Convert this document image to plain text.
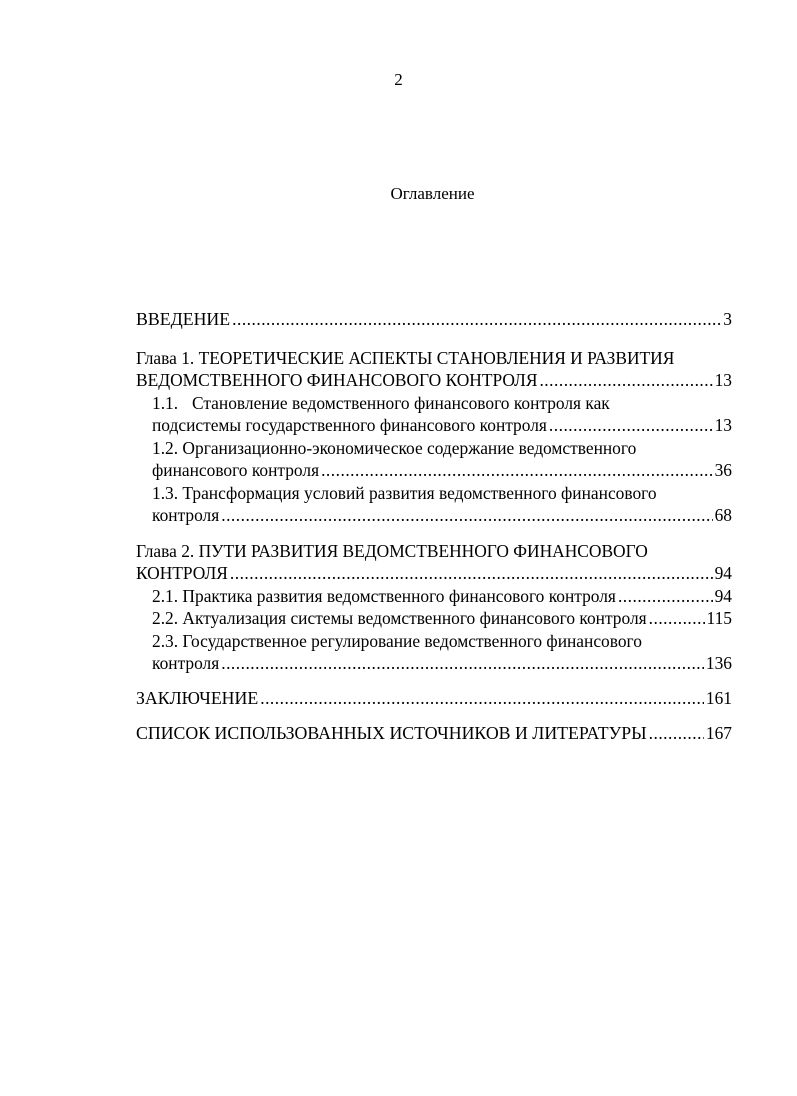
2
Оглавление
ВВЕДЕНИЕ .....	3
Глава 1. ТЕОРЕТИЧЕСКИЕ АСПЕКТЫ СТАНОВЛЕНИЯ И РАЗВИТИЯ
ВЕДОМСТВЕННОГО ФИНАНСОВОГО КОНТРОЛЯ .....	13
1.1. Становление ведомственного финансового контроля как
подсистемы государственного финансового контроля .....	13
1.2. Организационно-экономическое содержание ведомственного
финансового контроля .....	36
1.3. Трансформация условий развития ведомственного финансового
контроля .....	68
Глава 2. ПУТИ РАЗВИТИЯ ВЕДОМСТВЕННОГО ФИНАНСОВОГО
КОНТРОЛЯ .....	94
2.1. Практика развития ведомственного финансового контроля .....	94
2.2. Актуализация системы ведомственного финансового контроля .....	115
2.3. Государственное регулирование ведомственного финансового
контроля .....	136
ЗАКЛЮЧЕНИЕ .....	161
СПИСОК ИСПОЛЬЗОВАННЫХ ИСТОЧНИКОВ И ЛИТЕРАТУРЫ .....	167
